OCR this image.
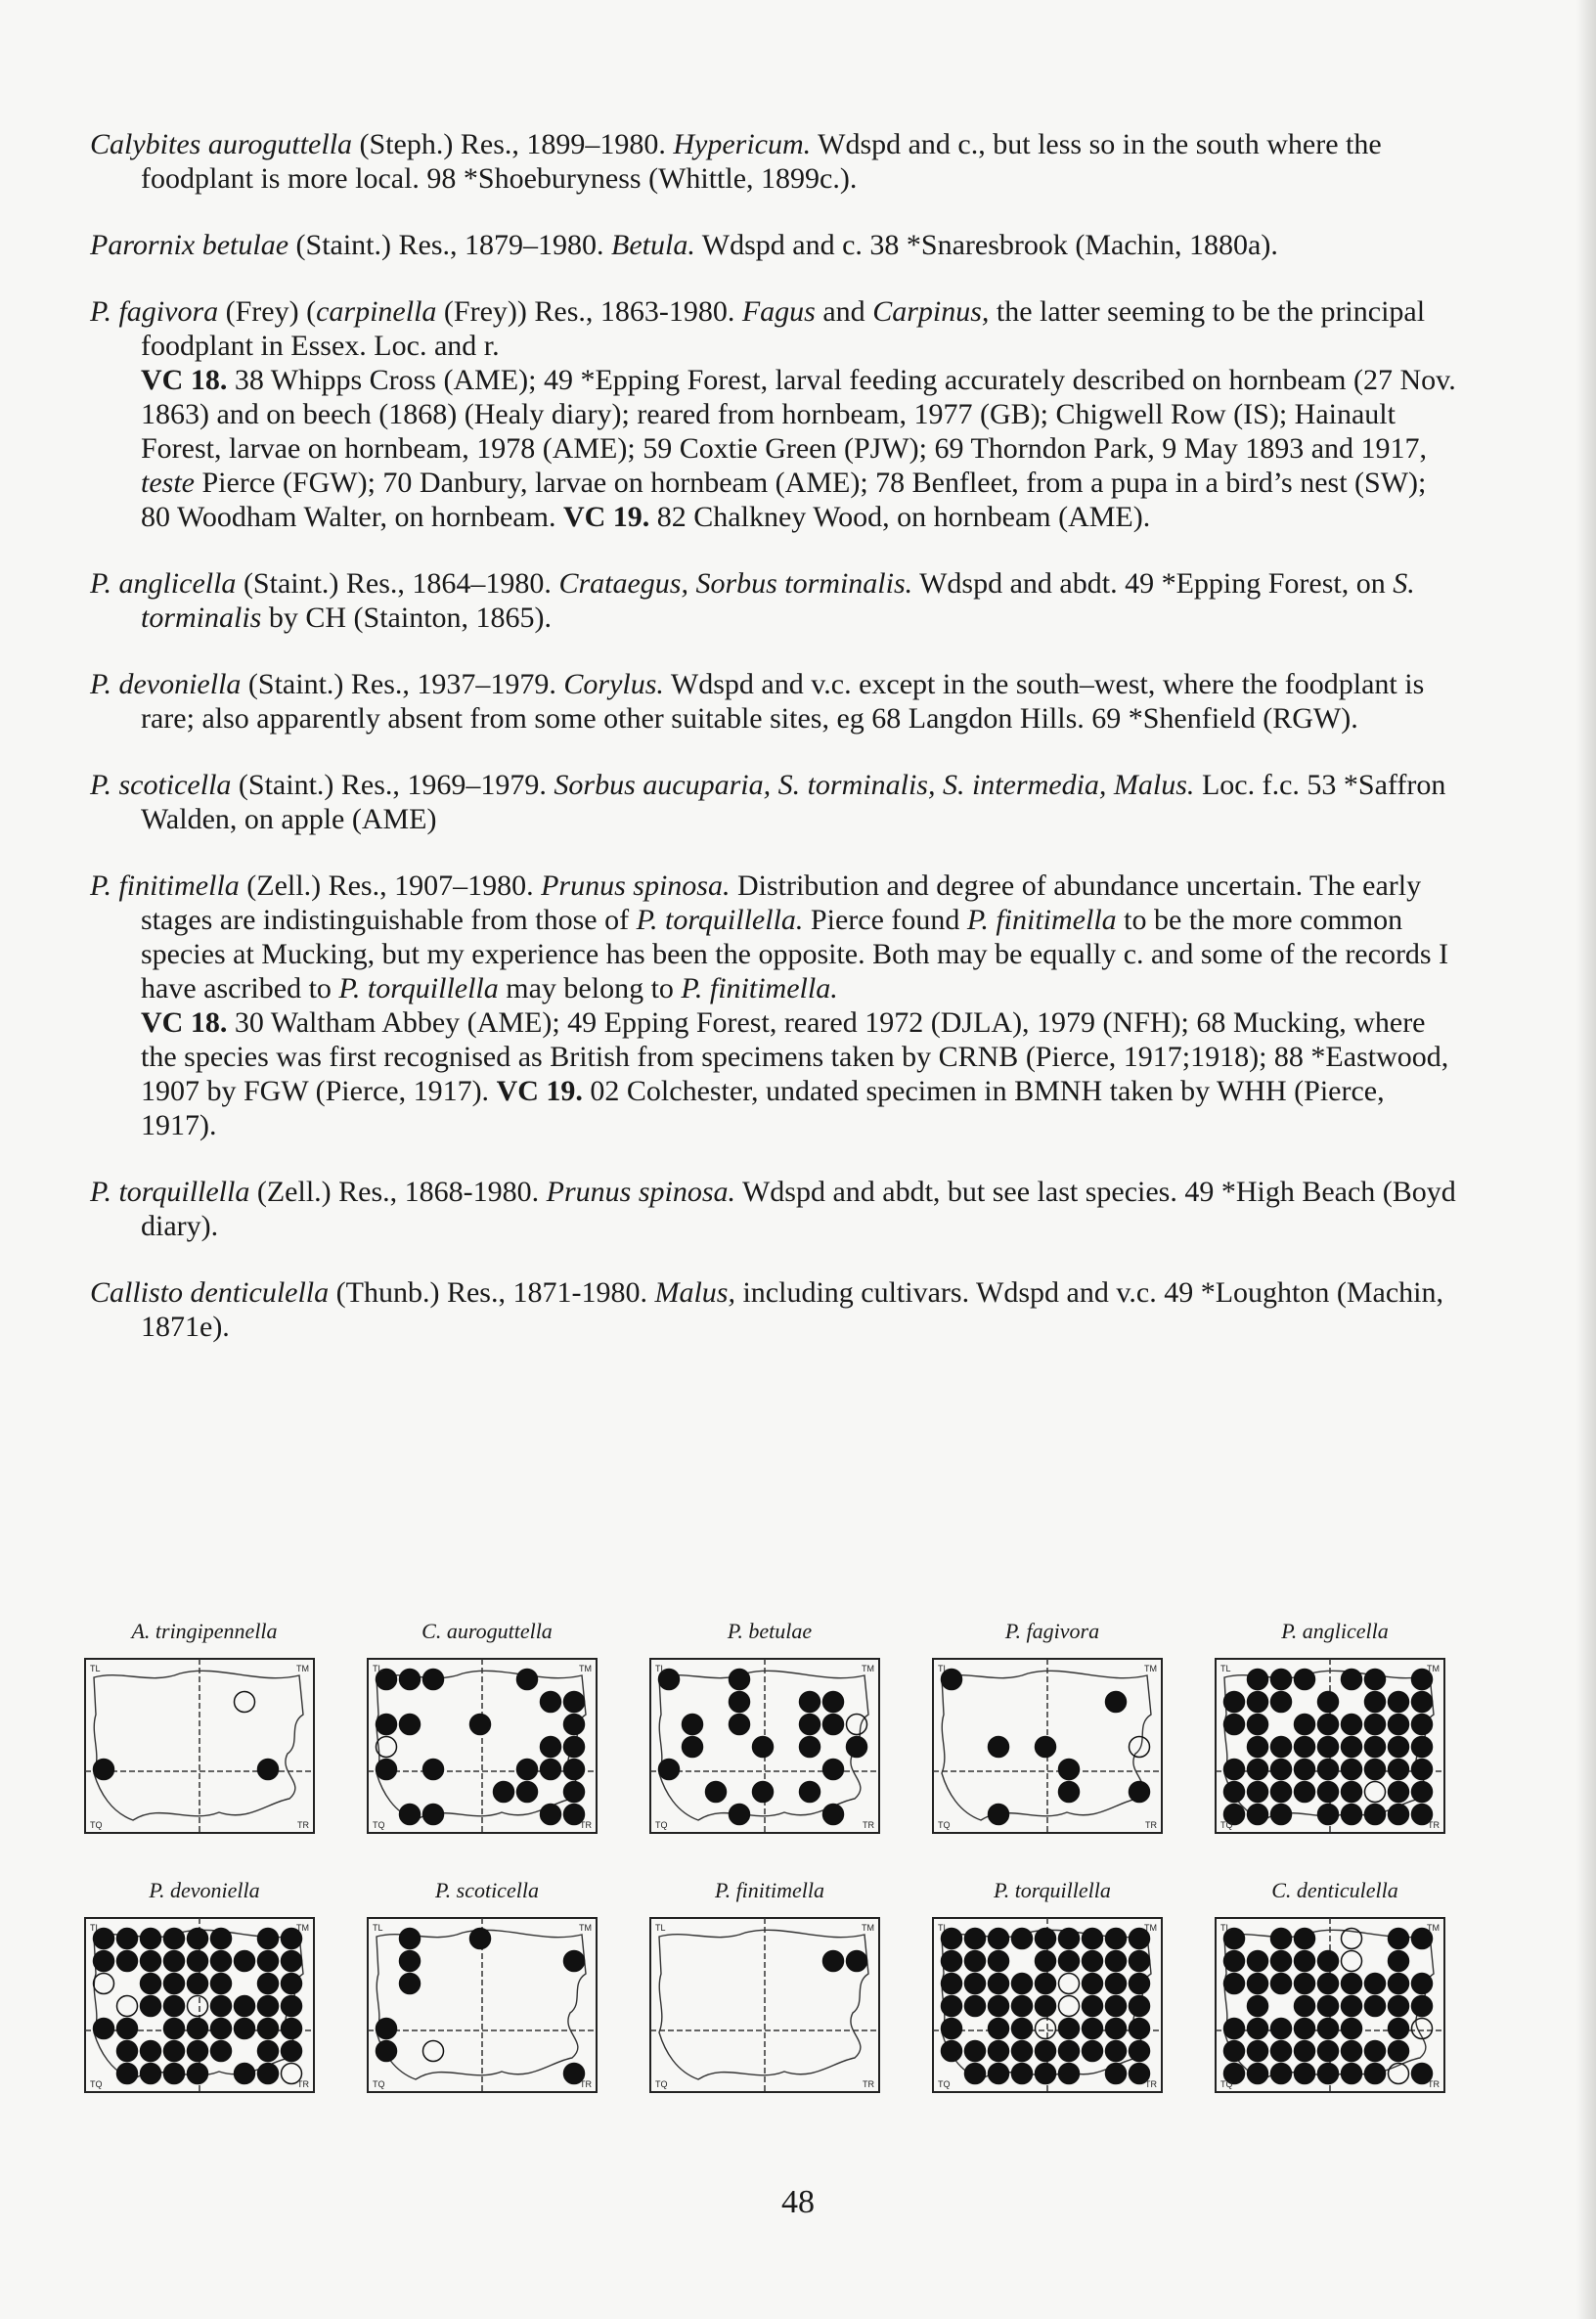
Calybites auroguttella (Steph.) Res., 1899–1980. Hypericum. Wdspd and c., but less so in the south where the foodplant is more local. 98 *Shoeburyness (Whittle, 1899c.).
Parornix betulae (Staint.) Res., 1879–1980. Betula. Wdspd and c. 38 *Snaresbrook (Machin, 1880a).
P. fagivora (Frey) (carpinella (Frey)) Res., 1863-1980. Fagus and Carpinus, the latter seeming to be the principal foodplant in Essex. Loc. and r.
VC 18. 38 Whipps Cross (AME); 49 *Epping Forest, larval feeding accurately described on hornbeam (27 Nov. 1863) and on beech (1868) (Healy diary); reared from hornbeam, 1977 (GB); Chigwell Row (IS); Hainault Forest, larvae on hornbeam, 1978 (AME); 59 Coxtie Green (PJW); 69 Thorndon Park, 9 May 1893 and 1917, teste Pierce (FGW); 70 Danbury, larvae on hornbeam (AME); 78 Benfleet, from a pupa in a bird’s nest (SW); 80 Woodham Walter, on hornbeam. VC 19. 82 Chalkney Wood, on hornbeam (AME).
P. anglicella (Staint.) Res., 1864–1980. Crataegus, Sorbus torminalis. Wdspd and abdt. 49 *Epping Forest, on S. torminalis by CH (Stainton, 1865).
P. devoniella (Staint.) Res., 1937–1979. Corylus. Wdspd and v.c. except in the south–west, where the foodplant is rare; also apparently absent from some other suitable sites, eg 68 Langdon Hills. 69 *Shenfield (RGW).
P. scoticella (Staint.) Res., 1969–1979. Sorbus aucuparia, S. torminalis, S. intermedia, Malus. Loc. f.c. 53 *Saffron Walden, on apple (AME)
P. finitimella (Zell.) Res., 1907–1980. Prunus spinosa. Distribution and degree of abundance uncertain. The early stages are indistinguishable from those of P. torquillella. Pierce found P. finitimella to be the more common species at Mucking, but my experience has been the opposite. Both may be equally c. and some of the records I have ascribed to P. torquillella may belong to P. finitimella.
VC 18. 30 Waltham Abbey (AME); 49 Epping Forest, reared 1972 (DJLA), 1979 (NFH); 68 Mucking, where the species was first recognised as British from specimens taken by CRNB (Pierce, 1917;1918); 88 *Eastwood, 1907 by FGW (Pierce, 1917). VC 19. 02 Colchester, undated specimen in BMNH taken by WHH (Pierce, 1917).
P. torquillella (Zell.) Res., 1868-1980. Prunus spinosa. Wdspd and abdt, but see last species. 49 *High Beach (Boyd diary).
Callisto denticulella (Thunb.) Res., 1871-1980. Malus, including cultivars. Wdspd and v.c. 49 *Loughton (Machin, 1871e).
A. tringipennella
TL	TM
TQ	TR
C. auroguttella
TL	TM
TQ	TR
P. betulae
TL	TM
TQ	TR
P. fagivora
TL	TM
TQ	TR
P. anglicella
TL	TM
TQ	TR
P. devoniella
TL	TM
TQ	TR
P. scoticella
TL	TM
TQ	TR
P. finitimella
TL	TM
TQ	TR
P. torquillella
TL	TM
TQ	TR
C. denticulella
TL	TM
TQ	TR
48
